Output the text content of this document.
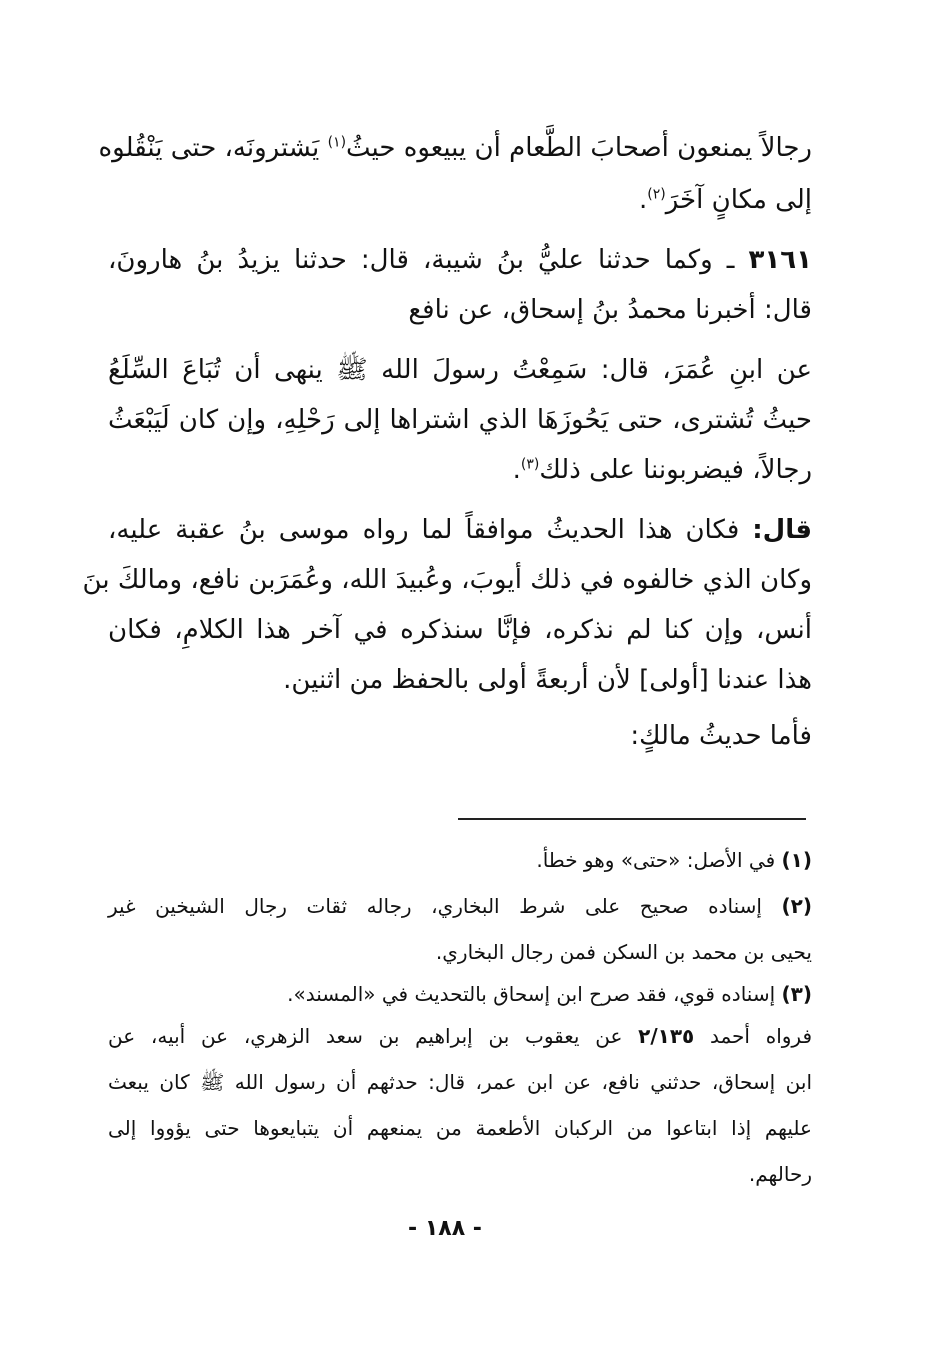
رجالاً يمنعون أصحابَ الطَّعام أن يبيعوه حيثُ$^{(١)}$ يَشترونَه، حتى يَنْقُلوه
إلى مكانٍ آخَرَ$^{(٢)}$.
٣١٦١ ـ وكما حدثنا عليُّ بنُ شيبة، قال: حدثنا يزيدُ بنُ هارونَ،
قال: أخبرنا محمدُ بنُ إسحاق، عن نافع
عن ابنِ عُمَرَ، قال: سَمِعْتُ رسولَ الله ﷺ ينهى أن تُبَاعَ السِّلَعُ
حيثُ تُشترى، حتى يَحُوزَهَا الذي اشتراها إلى رَحْلِهِ، وإن كان لَيَبْعَثُ
رجالاً، فيضربوننا على ذلك$^{(٣)}$.
قال: فكان هذا الحديثُ موافقاً لما رواه موسى بنُ عقبة عليه،
وكان الذي خالفوه في ذلك أيوبَ، وعُبيدَ الله، وعُمَرَبن نافع، ومالكَ بنَ
أنس، وإن كنا لم نذكره، فإنَّا سنذكره في آخر هذا الكلامِ، فكان
هذا عندنا [أولى] لأن أربعةً أولى بالحفظ من اثنين.
فأما حديثُ مالكٍ:
(١) في الأصل: «حتى» وهو خطأ.
(٢) إسناده صحيح على شرط البخاري، رجاله ثقات رجال الشيخين غير
يحيى بن محمد بن السكن فمن رجال البخاري.
(٣) إسناده قوي، فقد صرح ابن إسحاق بالتحديث في «المسند».
فرواه أحمد ٢/١٣٥ عن يعقوب بن إبراهيم بن سعد الزهري، عن أبيه، عن
ابن إسحاق، حدثني نافع، عن ابن عمر، قال: حدثهم أن رسول الله ﷺ كان يبعث
عليهم إذا ابتاعوا من الركبان الأطعمة من يمنعهم أن يتبايعوها حتى يؤووا إلى
رحالهم.
- ١٨٨ -
